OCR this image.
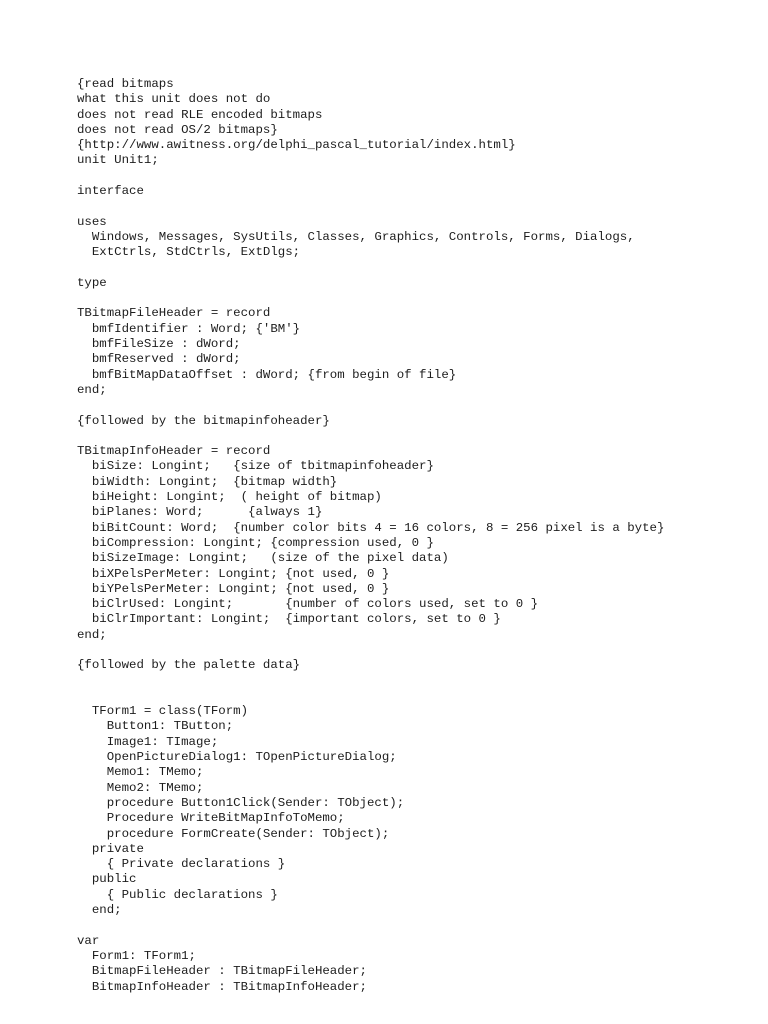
{read bitmaps
what this unit does not do
does not read RLE encoded bitmaps
does not read OS/2 bitmaps}
{http://www.awitness.org/delphi_pascal_tutorial/index.html}
unit Unit1;

interface

uses
Windows, Messages, SysUtils, Classes, Graphics, Controls, Forms, Dialogs,
ExtCtrls, StdCtrls, ExtDlgs;

type

TBitmapFileHeader = record
bmfIdentifier : Word; {'BM'}
bmfFileSize : dWord;
bmfReserved : dWord;
bmfBitMapDataOffset : dWord; {from begin of file}
end;

{followed by the bitmapinfoheader}

TBitmapInfoHeader = record
biSize: Longint;   {size of tbitmapinfoheader}
biWidth: Longint;  {bitmap width}
biHeight: Longint;  ( height of bitmap)
biPlanes: Word;      {always 1}
biBitCount: Word;  {number color bits 4 = 16 colors, 8 = 256 pixel is a byte}
biCompression: Longint; {compression used, 0 }
biSizeImage: Longint;   (size of the pixel data)
biXPelsPerMeter: Longint; {not used, 0 }
biYPelsPerMeter: Longint; {not used, 0 }
biClrUsed: Longint;       {number of colors used, set to 0 }
biClrImportant: Longint;  {important colors, set to 0 }
end;

{followed by the palette data}

TForm1 = class(TForm)
Button1: TButton;
Image1: TImage;
OpenPictureDialog1: TOpenPictureDialog;
Memo1: TMemo;
Memo2: TMemo;
procedure Button1Click(Sender: TObject);
Procedure WriteBitMapInfoToMemo;
procedure FormCreate(Sender: TObject);
private
{ Private declarations }
public
{ Public declarations }
end;

var
Form1: TForm1;
BitmapFileHeader : TBitmapFileHeader;
BitmapInfoHeader : TBitmapInfoHeader;
